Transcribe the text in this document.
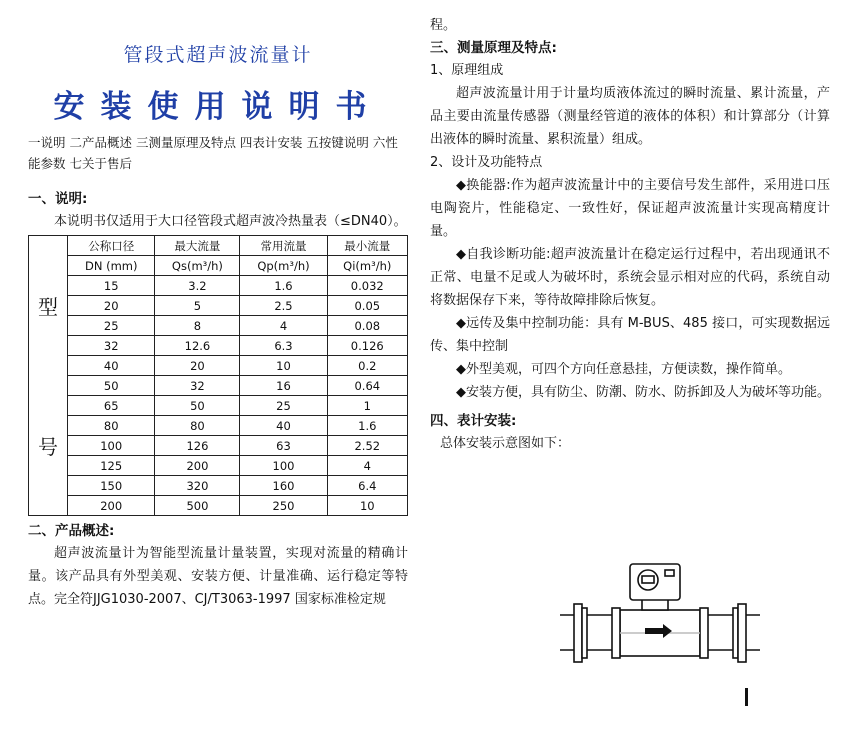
管段式超声波流量计

安装使用说明书

一说明 二产品概述 三测量原理及特点 四表计安装 五按键说明 六性能参数 七关于售后

一、说明:

本说明书仅适用于大口径管段式超声波冷热量表（≤DN40）。

型
号	公称口径	最大流量	常用流量	最小流量
	DN (mm)	Qs(m³/h)	Qp(m³/h)	Qi(m³/h)
	15	3.2	1.6	0.032
	20	5	2.5	0.05
	25	8	4	0.08
	32	12.6	6.3	0.126
	40	20	10	0.2
	50	32	16	0.64
	65	50	25	1
	80	80	40	1.6
	100	126	63	2.52
	125	200	100	4
	150	320	160	6.4
	200	500	250	10

二、产品概述:

超声波流量计为智能型流量计量装置，实现对流量的精确计量。该产品具有外型美观、安装方便、计量准确、运行稳定等特点。完全符JJG1030-2007、CJ/T3063-1997 国家标准检定规

程。

三、测量原理及特点:

1、原理组成

超声波流量计用于计量均质液体流过的瞬时流量、累计流量，产品主要由流量传感器（测量经管道的液体的体积）和计算部分（计算出液体的瞬时流量、累积流量）组成。

2、设计及功能特点

◆换能器:作为超声波流量计中的主要信号发生部件，采用进口压电陶瓷片，性能稳定、一致性好，保证超声波流量计实现高精度计量。

◆自我诊断功能:超声波流量计在稳定运行过程中，若出现通讯不正常、电量不足或人为破坏时，系统会显示相对应的代码，系统自动将数据保存下来，等待故障排除后恢复。

◆远传及集中控制功能：具有 M-BUS、485 接口，可实现数据远传、集中控制

◆外型美观，可四个方向任意悬挂，方便读数，操作简单。

◆安装方便，具有防尘、防潮、防水、防拆卸及人为破坏等功能。

四、表计安装:

总体安装示意图如下：
